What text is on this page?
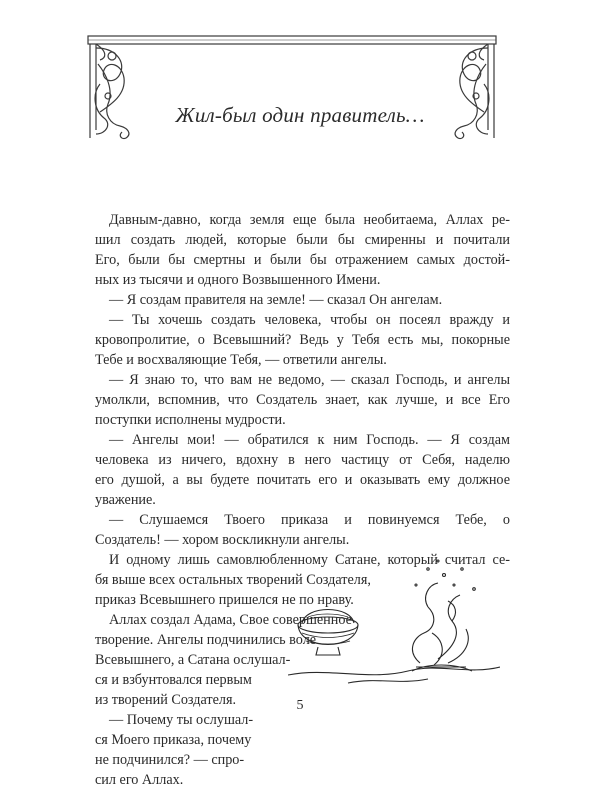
Жил-был один правитель…
Давным-давно, когда земля еще была необитаема, Аллах ре-
шил создать людей, которые были бы смиренны и почитали
Его, были бы смертны и были бы отражением самых достой-
ных из тысячи и одного Возвышенного Имени.
— Я создам правителя на земле! — сказал Он ангелам.
— Ты хочешь создать человека, чтобы он посеял вражду и
кровопролитие, о Всевышний? Ведь у Тебя есть мы, покорные
Тебе и восхваляющие Тебя, — ответили ангелы.
— Я знаю то, что вам не ведомо, — сказал Господь, и ангелы
умолкли, вспомнив, что Создатель знает, как лучше, и все Его
поступки исполнены мудрости.
— Ангелы мои! — обратился к ним Господь. — Я создам
человека из ничего, вдохну в него частицу от Себя, наделю
его душой, а вы будете почитать его и оказывать ему должное
уважение.
— Слушаемся Твоего приказа и повинуемся Тебе, о
Создатель! — хором воскликнули ангелы.
И одному лишь самовлюбленному Сатане, который считал се-
бя выше всех остальных творений Создателя,
приказ Всевышнего пришелся не по нраву.
Аллах создал Адама, Свое совершенное
творение. Ангелы подчинились воле
Всевышнего, а Сатана ослушал-
ся и взбунтовался первым
из творений Создателя.
— Почему ты ослушал-
ся Моего приказа, почему
не подчинился? — спро-
сил его Аллах.
5
